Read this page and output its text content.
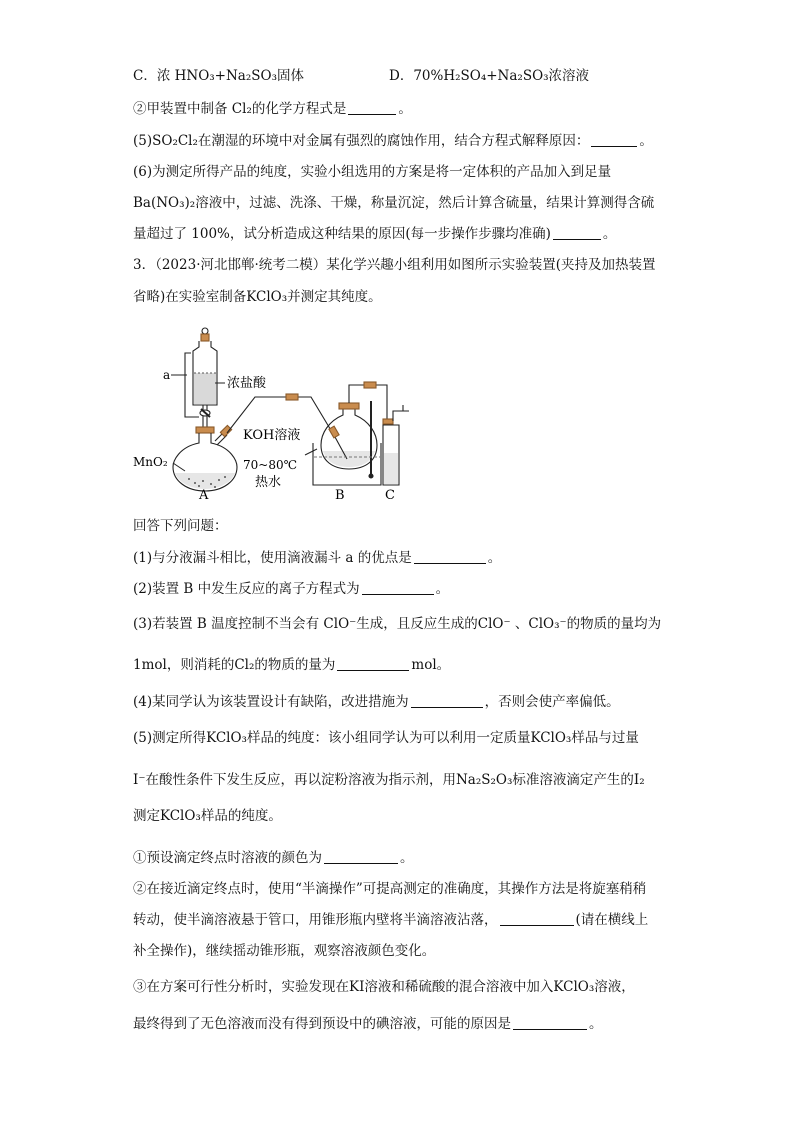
C．浓 HNO₃+Na₂SO₃固体	D．70%H₂SO₄+Na₂SO₃浓溶液
②甲装置中制备 Cl₂的化学方程式是	。
(5)SO₂Cl₂在潮湿的环境中对金属有强烈的腐蚀作用，结合方程式解释原因：	。
(6)为测定所得产品的纯度，实验小组选用的方案是将一定体积的产品加入到足量
Ba(NO₃)₂溶液中，过滤、洗涤、干燥，称量沉淀，然后计算含硫量，结果计算测得含硫
量超过了 100%，试分析造成这种结果的原因(每一步操作步骤均准确)	。
3．（2023·河北邯郸·统考二模）某化学兴趣小组利用如图所示实验装置(夹持及加热装置
省略)在实验室制备KClO₃并测定其纯度。
a
浓盐酸
MnO₂
KOH溶液
70~80℃
热水
A	B	C
回答下列问题：
(1)与分液漏斗相比，使用滴液漏斗 a 的优点是	。
(2)装置 B 中发生反应的离子方程式为	。
(3)若装置 B 温度控制不当会有 ClO⁻生成，且反应生成的ClO⁻ 、ClO₃⁻的物质的量均为
1mol，则消耗的Cl₂的物质的量为	mol。
(4)某同学认为该装置设计有缺陷，改进措施为	，否则会使产率偏低。
(5)测定所得KClO₃样品的纯度：该小组同学认为可以利用一定质量KClO₃样品与过量
I⁻在酸性条件下发生反应，再以淀粉溶液为指示剂，用Na₂S₂O₃标准溶液滴定产生的I₂
测定KClO₃样品的纯度。
①预设滴定终点时溶液的颜色为	。
②在接近滴定终点时，使用“半滴操作”可提高测定的准确度，其操作方法是将旋塞稍稍
转动，使半滴溶液悬于管口，用锥形瓶内壁将半滴溶液沾落，	(请在横线上
补全操作)，继续摇动锥形瓶，观察溶液颜色变化。
③在方案可行性分析时，实验发现在KI溶液和稀硫酸的混合溶液中加入KClO₃溶液，
最终得到了无色溶液而没有得到预设中的碘溶液，可能的原因是	。
